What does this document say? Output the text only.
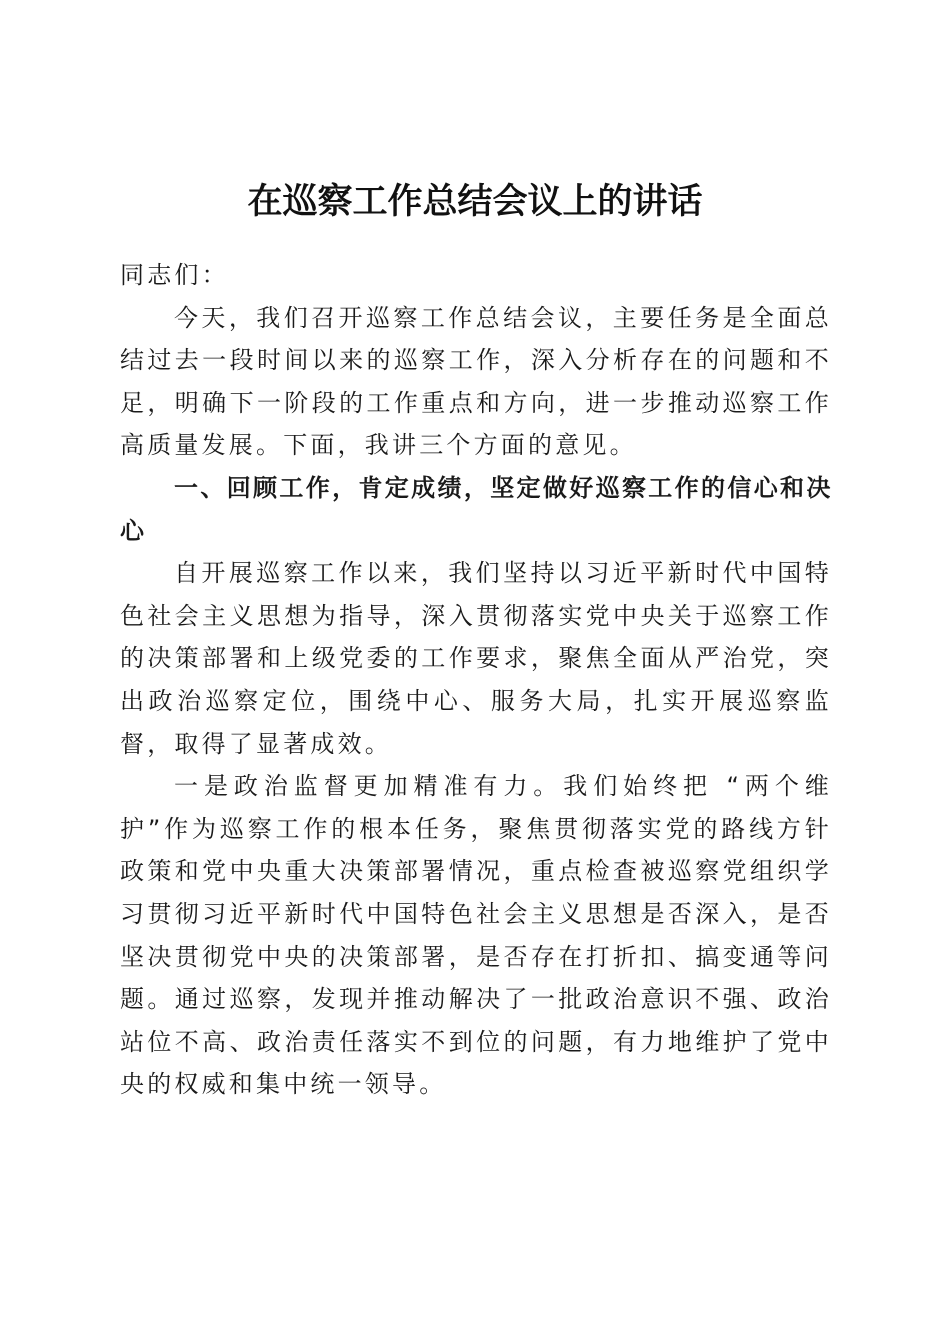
在巡察工作总结会议上的讲话

同志们：

今天，我们召开巡察工作总结会议，主要任务是全面总结过去一段时间以来的巡察工作，深入分析存在的问题和不足，明确下一阶段的工作重点和方向，进一步推动巡察工作高质量发展。下面，我讲三个方面的意见。

一、回顾工作，肯定成绩，坚定做好巡察工作的信心和决心

自开展巡察工作以来，我们坚持以习近平新时代中国特色社会主义思想为指导，深入贯彻落实党中央关于巡察工作的决策部署和上级党委的工作要求，聚焦全面从严治党，突出政治巡察定位，围绕中心、服务大局，扎实开展巡察监督，取得了显著成效。

一是政治监督更加精准有力。我们始终把 “两个维护”作为巡察工作的根本任务，聚焦贯彻落实党的路线方针政策和党中央重大决策部署情况，重点检查被巡察党组织学习贯彻习近平新时代中国特色社会主义思想是否深入，是否坚决贯彻党中央的决策部署，是否存在打折扣、搞变通等问题。通过巡察，发现并推动解决了一批政治意识不强、政治站位不高、政治责任落实不到位的问题，有力地维护了党中央的权威和集中统一领导。
